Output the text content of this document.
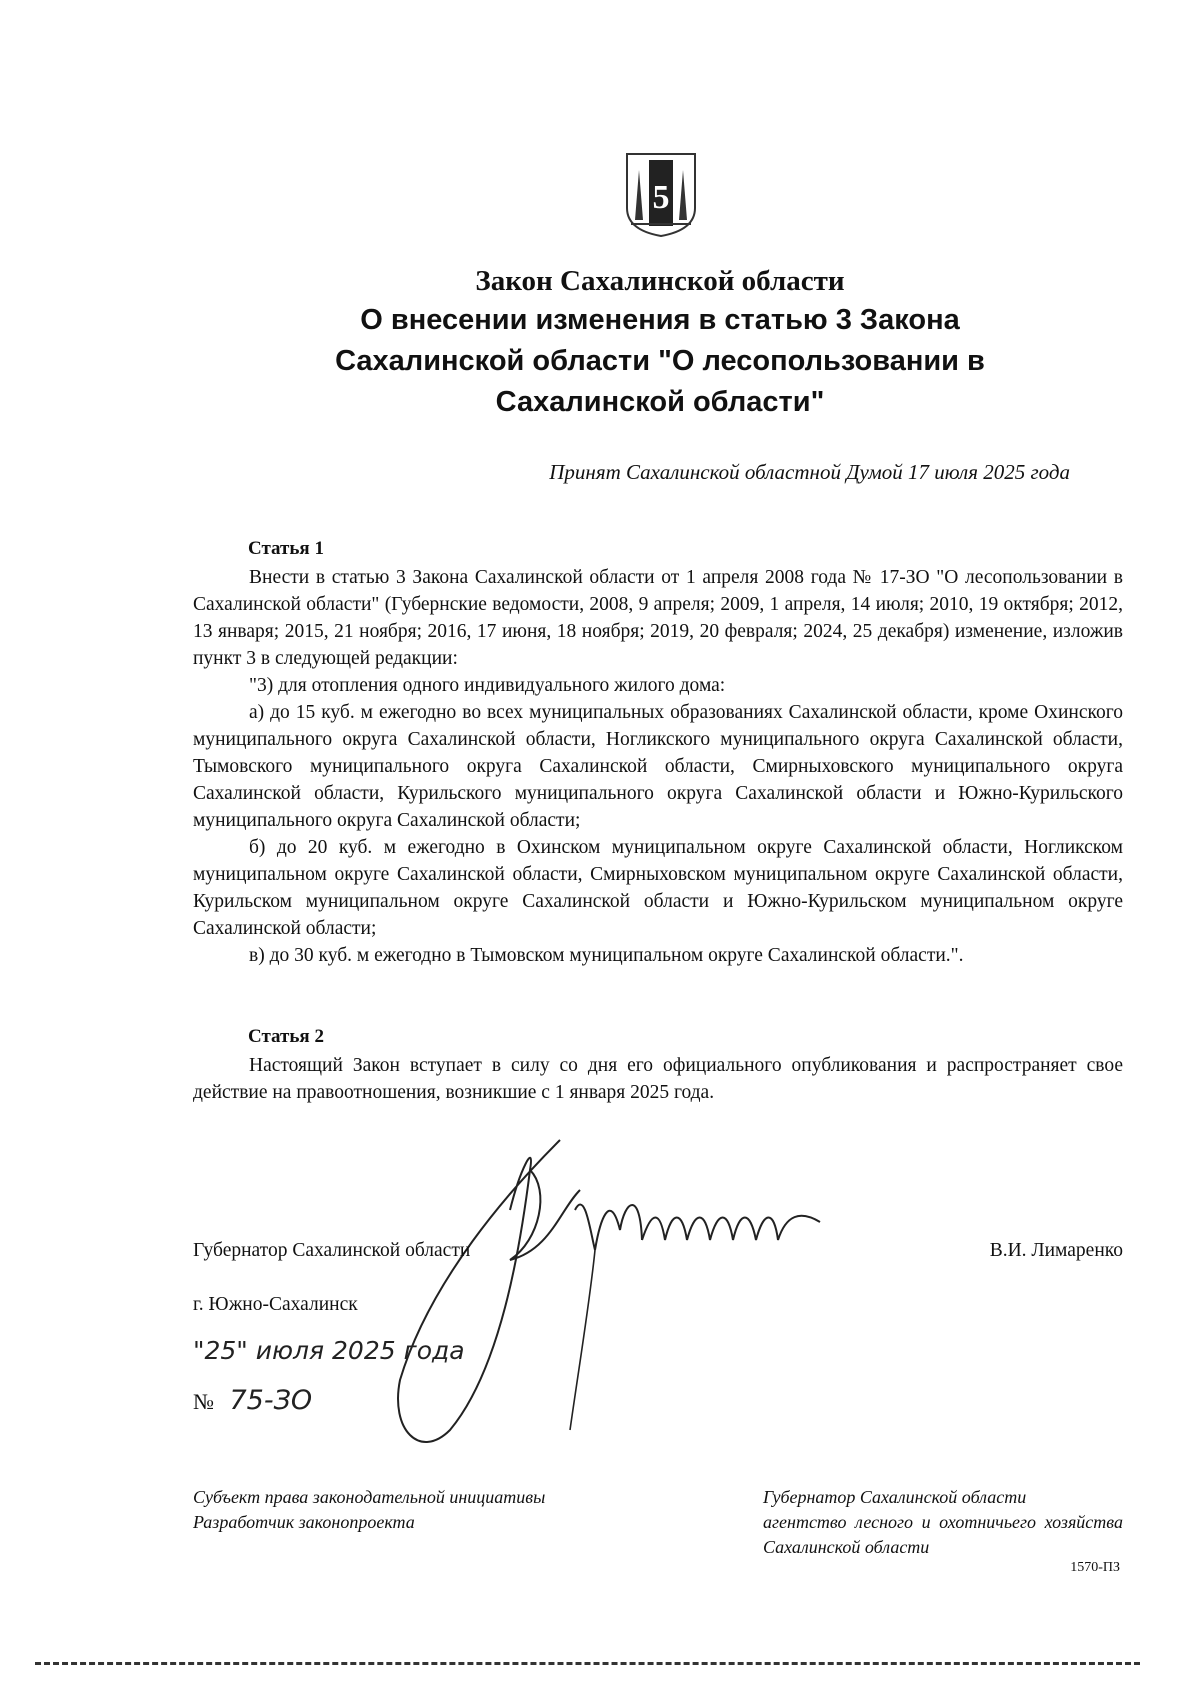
5

Закон Сахалинской области

О внесении изменения в статью 3 Закона Сахалинской области "О лесопользовании в Сахалинской области"

Принят Сахалинской областной Думой 17 июля 2025 года
Статья 1

Внести в статью 3 Закона Сахалинской области от 1 апреля 2008 года № 17-ЗО "О лесопользовании в Сахалинской области" (Губернские ведомости, 2008, 9 апреля; 2009, 1 апреля, 14 июля; 2010, 19 октября; 2012, 13 января; 2015, 21 ноября; 2016, 17 июня, 18 ноября; 2019, 20 февраля; 2024, 25 декабря) изменение, изложив пункт 3 в следующей редакции:

"3) для отопления одного индивидуального жилого дома:

а) до 15 куб. м ежегодно во всех муниципальных образованиях Сахалинской области, кроме Охинского муниципального округа Сахалинской области, Ногликского муниципального округа Сахалинской области, Тымовского муниципального округа Сахалинской области, Смирныховского муниципального округа Сахалинской области, Курильского муниципального округа Сахалинской области и Южно-Курильского муниципального округа Сахалинской области;

б) до 20 куб. м ежегодно в Охинском муниципальном округе Сахалинской области, Ногликском муниципальном округе Сахалинской области, Смирныховском муниципальном округе Сахалинской области, Курильском муниципальном округе Сахалинской области и Южно-Курильском муниципальном округе Сахалинской области;

в) до 30 куб. м ежегодно в Тымовском муниципальном округе Сахалинской области.".

Статья 2

Настоящий Закон вступает в силу со дня его официального опубликования и распространяет свое действие на правоотношения, возникшие с 1 января 2025 года.

Губернатор Сахалинской области	В.И. Лимаренко
г. Южно-Сахалинск
"25" июля 2025 года
№ 75-ЗО
Субъект права законодательной инициативы
Разработчик законопроекта
Губернатор Сахалинской области
агентство лесного и охотничьего хозяйства Сахалинской области
1570-ПЗ
